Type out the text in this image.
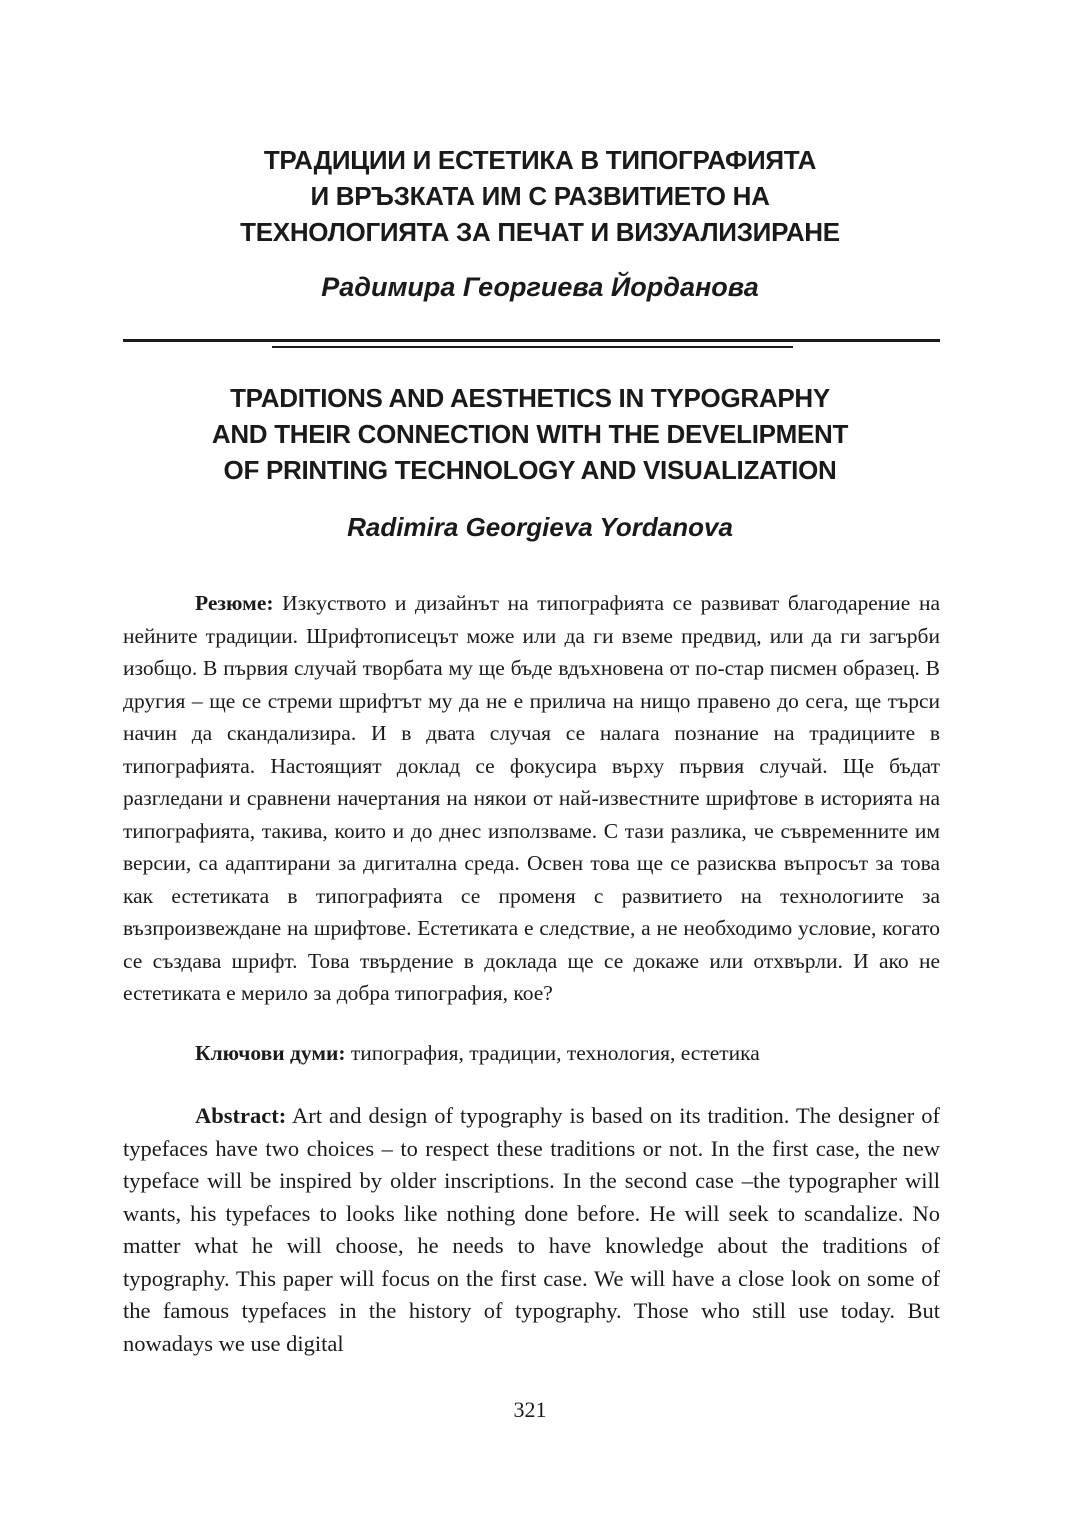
ТРАДИЦИИ И ЕСТЕТИКА В ТИПОГРАФИЯТА
И ВРЪЗКАТА ИМ С РАЗВИТИЕТО НА
ТЕХНОЛОГИЯТА ЗА ПЕЧАТ И ВИЗУАЛИЗИРАНЕ
Радимира Георгиева Йорданова
TPADITIONS AND AESTHETICS IN TYPOGRAPHY
AND THEIR CONNECTION WITH THE DEVELIPMENT
OF PRINTING TECHNOLOGY AND VISUALIZATION
Radimira Georgieva Yordanova

Резюме: Изкуството и дизайнът на типографията се развиват благодарение на нейните традиции. Шрифтописецът може или да ги вземе предвид, или да ги загърби изобщо. В първия случай творбата му ще бъде вдъхновена от по-стар писмен образец. В другия – ще се стреми шрифтът му да не е прилича на нищо правено до сега, ще търси начин да скандализира. И в двата случая се налага познание на традициите в типографията. Настоящият доклад се фокусира върху първия случай. Ще бъдат разгледани и сравнени начертания на някои от най-известните шрифтове в историята на типографията, такива, които и до днес използваме. С тази разлика, че съвременните им версии, са адаптирани за дигитална среда. Освен това ще се разисква въпросът за това как естетиката в типографията се променя с развитието на технологиите за възпроизвеждане на шрифтове. Естетиката е следствие, а не необходимо условие, когато се създава шрифт. Това твърдение в доклада ще се докаже или отхвърли. И ако не естетиката е мерило за добра типография, кое?

Ключови думи: типография, традиции, технология, естетика

Abstract: Art and design of typography is based on its tradition. The designer of typefaces have two choices – to respect these traditions or not. In the first case, the new typeface will be inspired by older inscriptions. In the second case –the typographer will wants, his typefaces to looks like nothing done before. He will seek to scandalize. No matter what he will choose, he needs to have knowledge about the traditions of typography. This paper will focus on the first case. We will have a close look on some of the famous typefaces in the history of typography. Those who still use today. But nowadays we use digital

321
